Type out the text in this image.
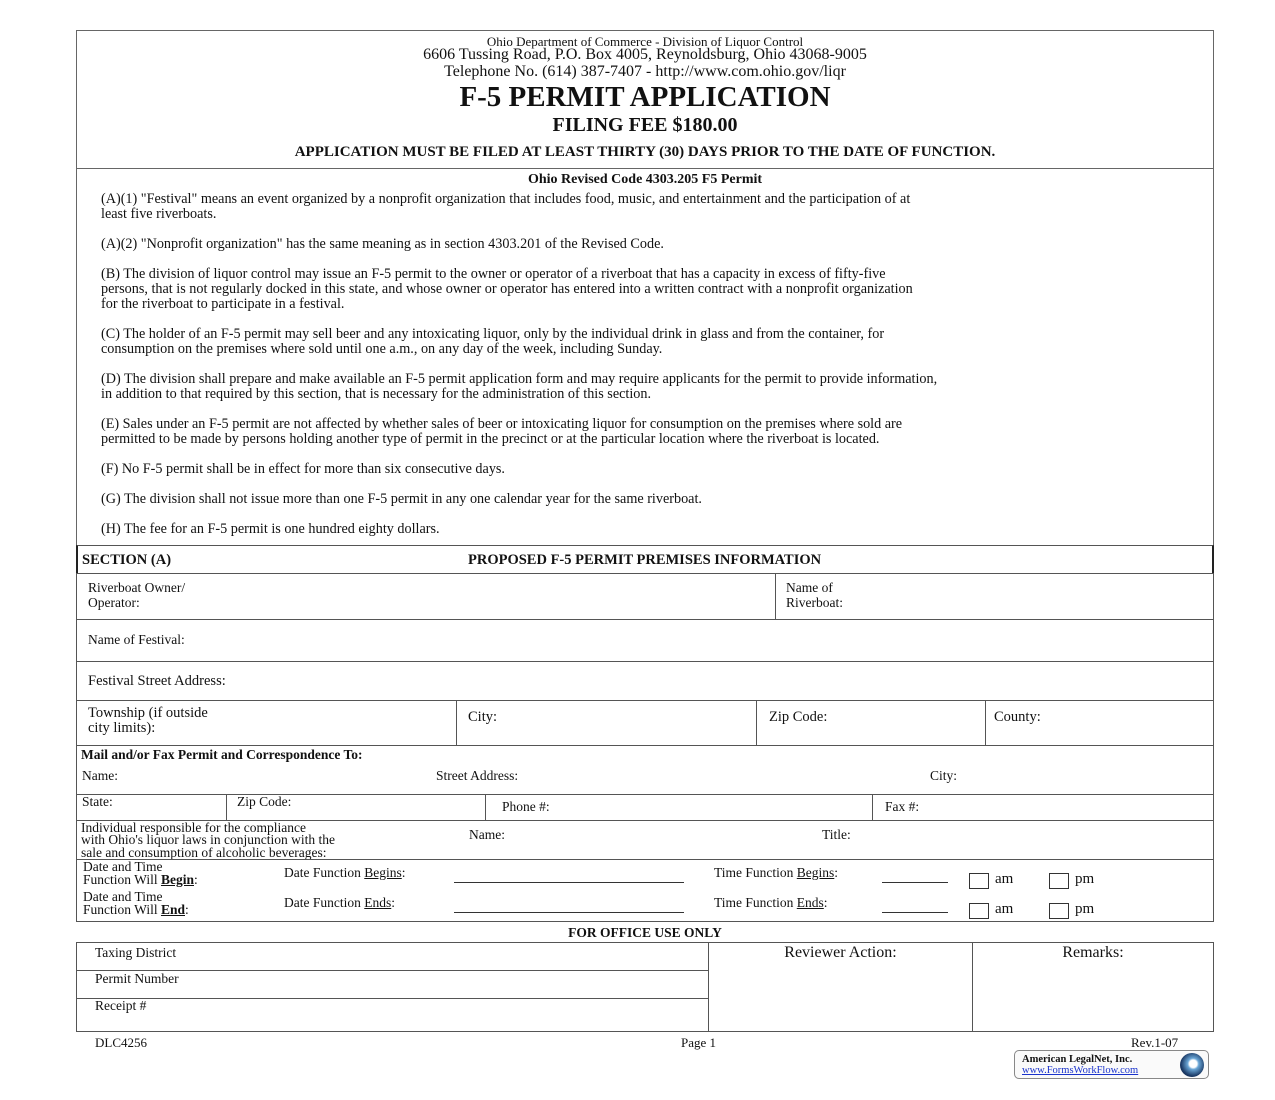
Ohio Department of Commerce - Division of Liquor Control
6606 Tussing Road, P.O. Box 4005, Reynoldsburg, Ohio 43068-9005
Telephone No. (614) 387-7407 - http://www.com.ohio.gov/liqr
F-5 PERMIT APPLICATION
FILING FEE $180.00
APPLICATION MUST BE FILED AT LEAST THIRTY (30) DAYS PRIOR TO THE DATE OF FUNCTION.
Ohio Revised Code 4303.205 F5 Permit
(A)(1) "Festival" means an event organized by a nonprofit organization that includes food, music, and entertainment and the participation of at
least five riverboats.
(A)(2) "Nonprofit organization" has the same meaning as in section 4303.201 of the Revised Code.
(B) The division of liquor control may issue an F-5 permit to the owner or operator of a riverboat that has a capacity in excess of fifty-five
persons, that is not regularly docked in this state, and whose owner or operator has entered into a written contract with a nonprofit organization
for the riverboat to participate in a festival.
(C) The holder of an F-5 permit may sell beer and any intoxicating liquor, only by the individual drink in glass and from the container, for
consumption on the premises where sold until one a.m., on any day of the week, including Sunday.
(D) The division shall prepare and make available an F-5 permit application form and may require applicants for the permit to provide information,
in addition to that required by this section, that is necessary for the administration of this section.
(E) Sales under an F-5 permit are not affected by whether sales of beer or intoxicating liquor for consumption on the premises where sold are
permitted to be made by persons holding another type of permit in the precinct or at the particular location where the riverboat is located.
(F) No F-5 permit shall be in effect for more than six consecutive days.
(G) The division shall not issue more than one F-5 permit in any one calendar year for the same riverboat.
(H) The fee for an F-5 permit is one hundred eighty dollars.
SECTION (A)	PROPOSED F-5 PERMIT PREMISES INFORMATION
Riverboat Owner/
Operator:
Name of
Riverboat:
Name of Festival:
Festival Street Address:
Township (if outside
city limits):
City:	Zip Code:	County:
Mail and/or Fax Permit and Correspondence To:
Name:	Street Address:	City:
State:	Zip Code:	Phone #:	Fax #:
Individual responsible for the compliance
with Ohio's liquor laws in conjunction with the
sale and consumption of alcoholic beverages:
Name:	Title:
Date and Time
Function Will Begin:	Date Function Begins:	Time Function Begins:	am	pm
Date and Time
Function Will End:	Date Function Ends:	Time Function Ends:	am	pm
FOR OFFICE USE ONLY
Taxing District
Permit Number
Receipt #
Reviewer Action:	Remarks:
DLC4256	Page 1	Rev.1-07
American LegalNet, Inc.
www.FormsWorkFlow.com
